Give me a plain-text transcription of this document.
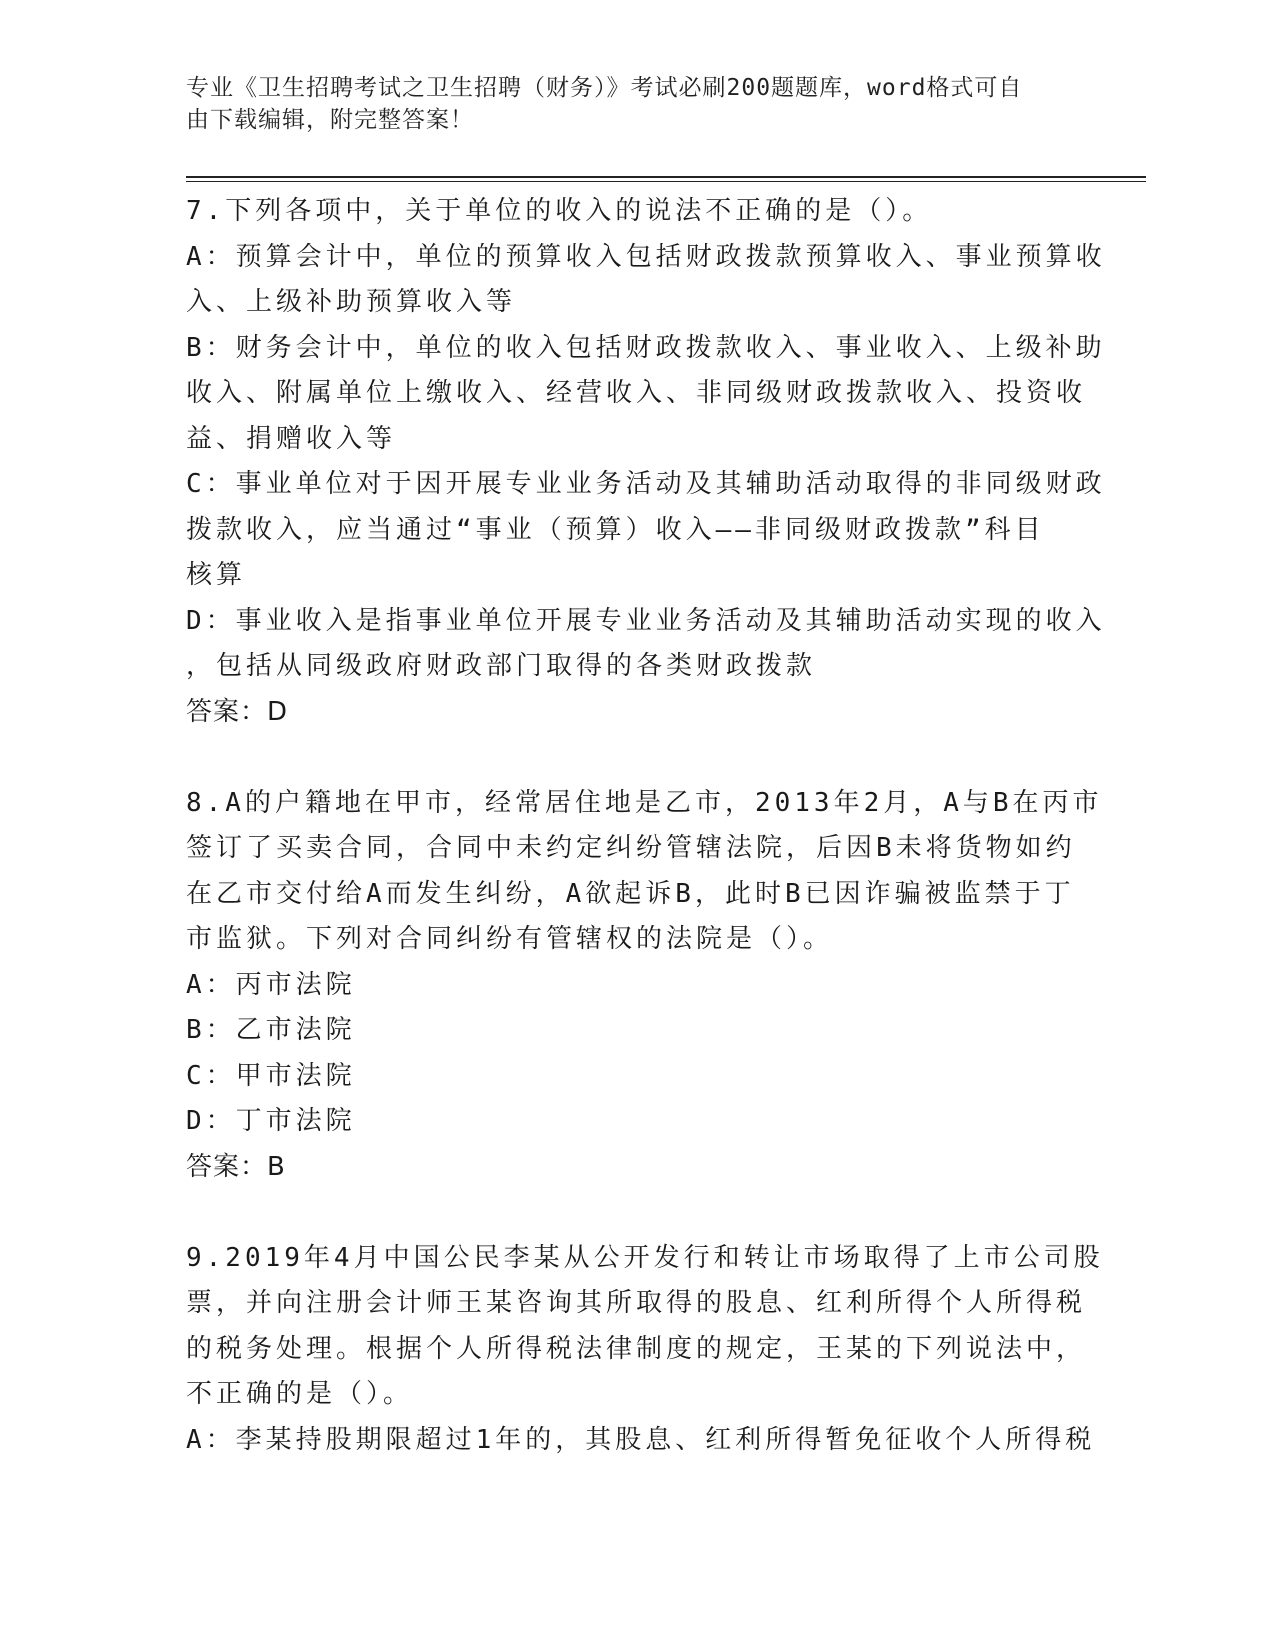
专业《卫生招聘考试之卫生招聘（财务）》考试必刷200题题库，word格式可自
由下载编辑，附完整答案！
7.下列各项中，关于单位的收入的说法不正确的是（）。
A：预算会计中，单位的预算收入包括财政拨款预算收入、事业预算收
入、上级补助预算收入等
B：财务会计中，单位的收入包括财政拨款收入、事业收入、上级补助
收入、附属单位上缴收入、经营收入、非同级财政拨款收入、投资收
益、捐赠收入等
C：事业单位对于因开展专业业务活动及其辅助活动取得的非同级财政
拨款收入，应当通过“事业（预算）收入——非同级财政拨款”科目
核算
D：事业收入是指事业单位开展专业业务活动及其辅助活动实现的收入
，包括从同级政府财政部门取得的各类财政拨款
答案：D
8.A的户籍地在甲市，经常居住地是乙市，2013年2月，A与B在丙市
签订了买卖合同，合同中未约定纠纷管辖法院，后因B未将货物如约
在乙市交付给A而发生纠纷，A欲起诉B，此时B已因诈骗被监禁于丁
市监狱。下列对合同纠纷有管辖权的法院是（）。
A：丙市法院
B：乙市法院
C：甲市法院
D：丁市法院
答案：B
9.2019年4月中国公民李某从公开发行和转让市场取得了上市公司股
票，并向注册会计师王某咨询其所取得的股息、红利所得个人所得税
的税务处理。根据个人所得税法律制度的规定，王某的下列说法中，
不正确的是（）。
A：李某持股期限超过1年的，其股息、红利所得暂免征收个人所得税
